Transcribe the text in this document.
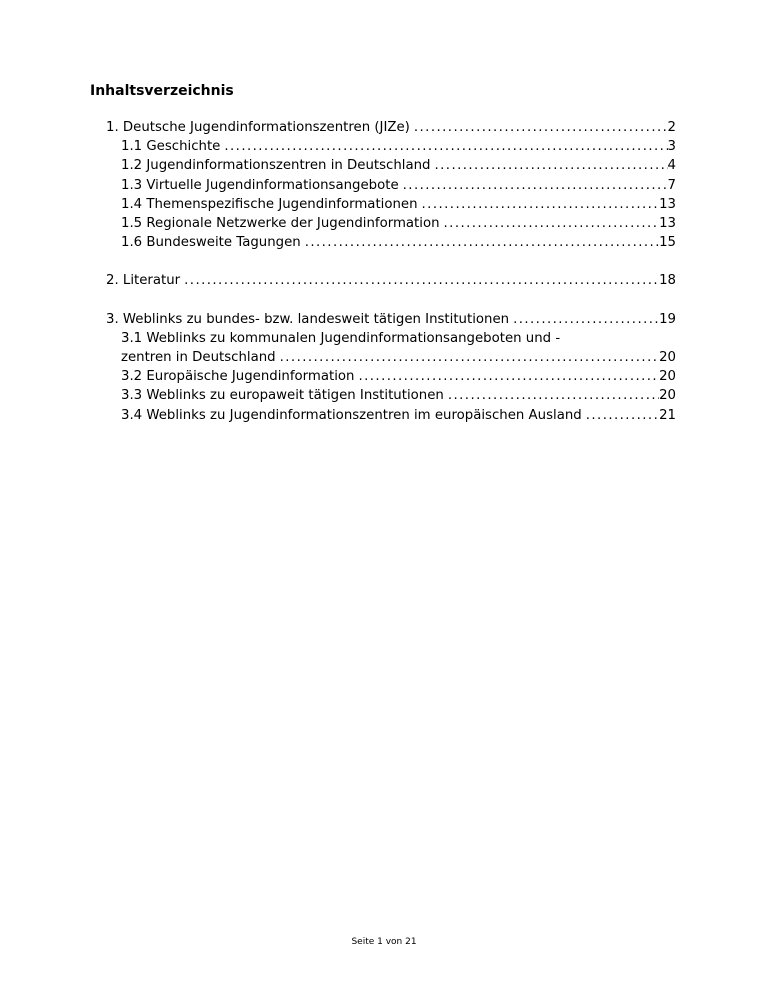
Inhaltsverzeichnis
1. Deutsche Jugendinformationszentren (JIZe) . . .	2
1.1 Geschichte . . .	3
1.2 Jugendinformationszentren in Deutschland . . .	4
1.3 Virtuelle Jugendinformationsangebote . . .	7
1.4 Themenspezifische Jugendinformationen . . .	13
1.5 Regionale Netzwerke der Jugendinformation . . .	13
1.6 Bundesweite Tagungen . . .	15
2. Literatur . . .	18
3. Weblinks zu bundes- bzw. landesweit tätigen Institutionen . . .	19
3.1 Weblinks zu kommunalen Jugendinformationsangeboten und -
zentren in Deutschland . . .	20
3.2 Europäische Jugendinformation . . .	20
3.3 Weblinks zu europaweit tätigen Institutionen . . .	20
3.4 Weblinks zu Jugendinformationszentren im europäischen Ausland . . .	21
Seite 1 von 21
